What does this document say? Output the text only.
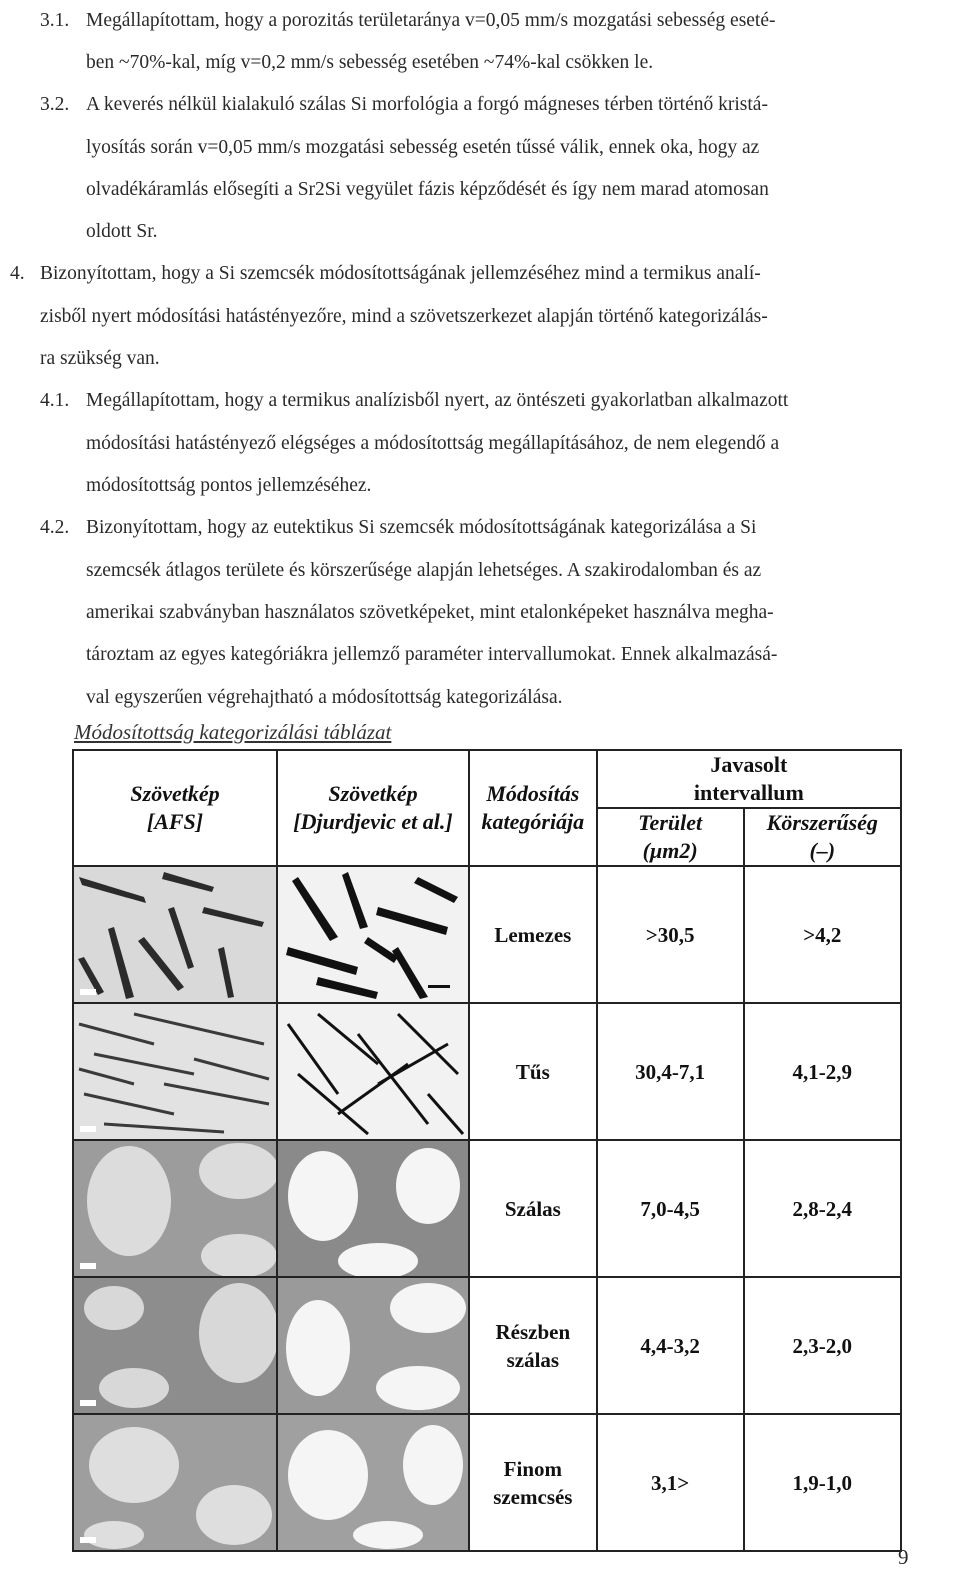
3.1. Megállapítottam, hogy a porozitás területaránya v=0,05 mm/s mozgatási sebesség eseté-
ben ~70%-kal, míg v=0,2 mm/s sebesség esetében ~74%-kal csökken le.
3.2. A keverés nélkül kialakuló szálas Si morfológia a forgó mágneses térben történő kristá-
lyosítás során v=0,05 mm/s mozgatási sebesség esetén tűssé válik, ennek oka, hogy az
olvadékáramlás elősegíti a Sr2Si vegyület fázis képződését és így nem marad atomosan
oldott Sr.
4. Bizonyítottam, hogy a Si szemcsék módosítottságának jellemzéséhez mind a termikus analí-
zisből nyert módosítási hatástényezőre, mind a szövetszerkezet alapján történő kategorizálás-
ra szükség van.
4.1. Megállapítottam, hogy a termikus analízisből nyert, az öntészeti gyakorlatban alkalmazott
módosítási hatástényező elégséges a módosítottság megállapításához, de nem elegendő a
módosítottság pontos jellemzéséhez.
4.2. Bizonyítottam, hogy az eutektikus Si szemcsék módosítottságának kategorizálása a Si
szemcsék átlagos területe és körszerűsége alapján lehetséges. A szakirodalomban és az
amerikai szabványban használatos szövetképeket, mint etalonképeket használva megha-
tároztam az egyes kategóriákra jellemző paraméter intervallumokat. Ennek alkalmazásá-
val egyszerűen végrehajtható a módosítottság kategorizálása.
Módosítottság kategorizálási táblázat
Szövetkép
[AFS]	Szövetkép
[Djurdjevic et al.]	Módosítás
kategóriája	Javasolt
intervallum	
			Terület
(μm2)	Körszerűség
(–)

	Lemezes	>30,5	>4,2

	Tűs	30,4-7,1	4,1-2,9

	Szálas	7,0-4,5	2,8-2,4

	Részben
szálas	4,4-3,2	2,3-2,0

	Finom
szemcsés	3,1>	1,9-1,0
9
